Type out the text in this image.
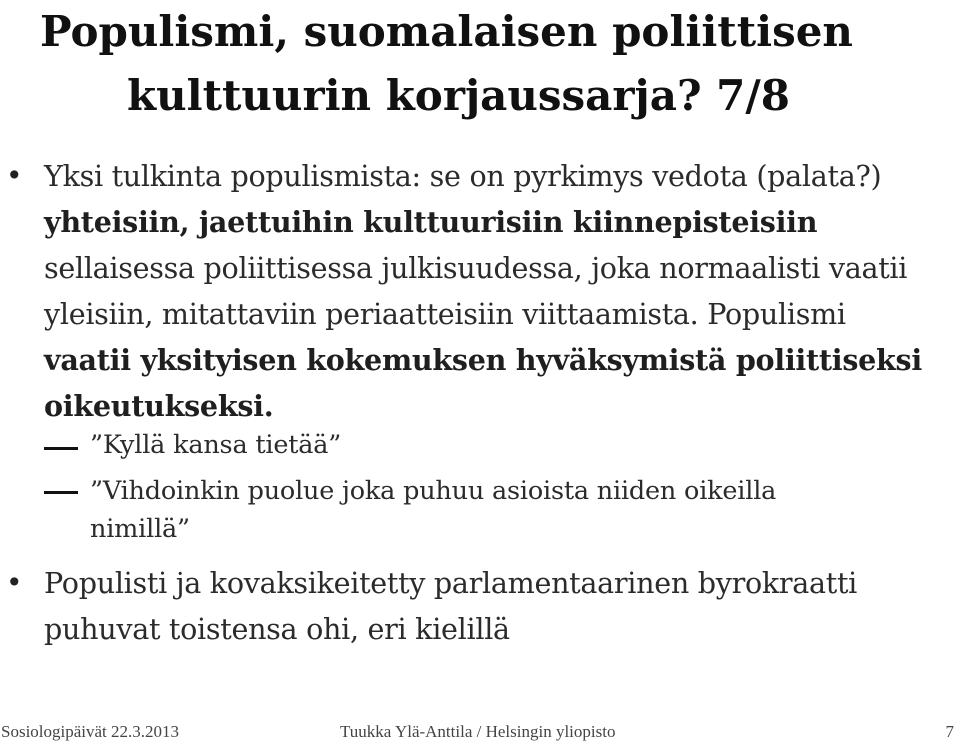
Populismi, suomalaisen poliittisen
kulttuurin korjaussarja? 7/8
• Yksi tulkinta populismista: se on pyrkimys vedota (palata?) yhteisiin, jaettuihin kulttuurisiin kiinnepisteisiin sellaisessa poliittisessa julkisuudessa, joka normaalisti vaatii yleisiin, mitattaviin periaatteisiin viittaamista. Populismi vaatii yksityisen kokemuksen hyväksymistä poliittiseksi oikeutukseksi.
”Kyllä kansa tietää”
”Vihdoinkin puolue joka puhuu asioista niiden oikeilla
nimillä”
• Populisti ja kovaksikeitetty parlamentaarinen byrokraatti puhuvat toistensa ohi, eri kielillä
Sosiologipäivät 22.3.2013	Tuukka Ylä-Anttila / Helsingin yliopisto	7
